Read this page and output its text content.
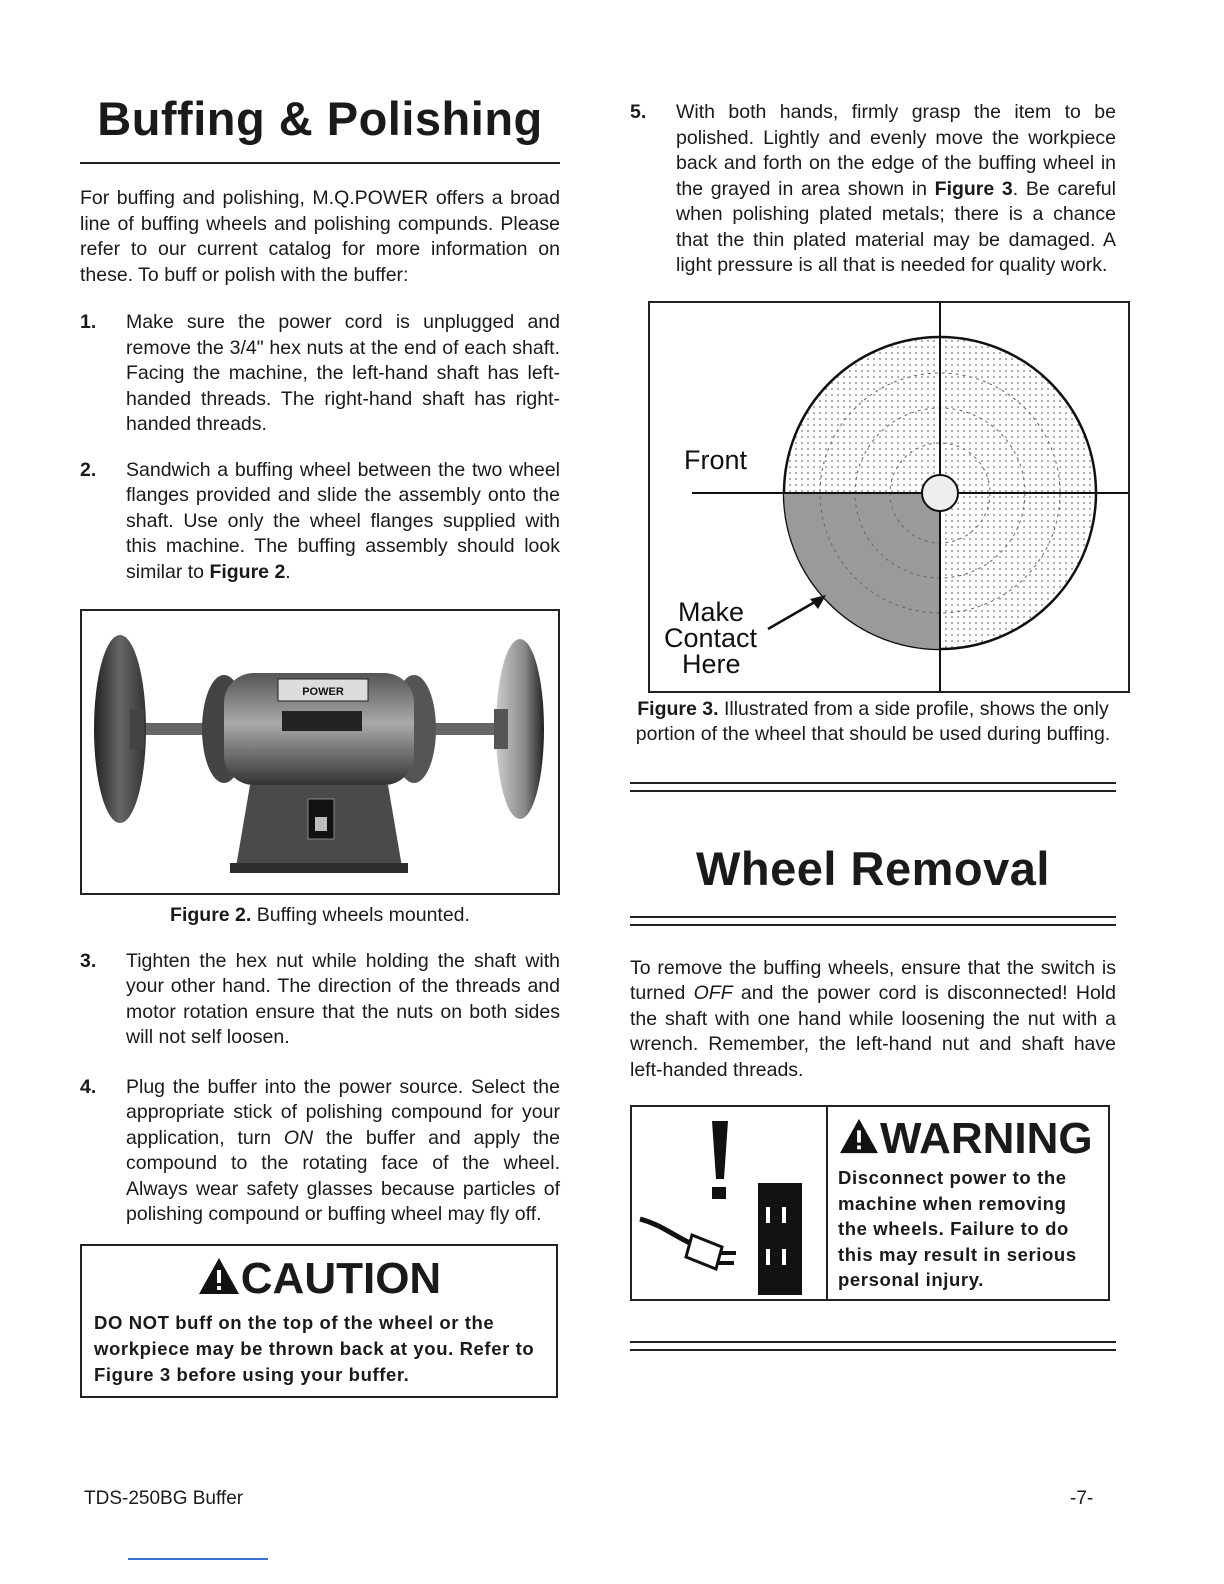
Buffing & Polishing

For buffing and polishing, M.Q.POWER offers a broad line of buffing wheels and polishing compunds. Please refer to our current catalog for more information on these. To buff or polish with the buffer:

1.	Make sure the power cord is unplugged and remove the 3/4" hex nuts at the end of each shaft. Facing the machine, the left-hand shaft has left-handed threads. The right-hand shaft has right-handed threads.
2.	Sandwich a buffing wheel between the two wheel flanges provided and slide the assembly onto the shaft. Use only the wheel flanges supplied with this machine. The buffing assembly should look similar to Figure 2.
POWER

Figure 2. Buffing wheels mounted.

3.	Tighten the hex nut while holding the shaft with your other hand. The direction of the threads and motor rotation ensure that the nuts on both sides will not self loosen.
4.	Plug the buffer into the power source. Select the appropriate stick of polishing compound for your application, turn ON the buffer and apply the compound to the rotating face of the wheel. Always wear safety glasses because particles of polishing compound or buffing wheel may fly off.
CAUTION
DO NOT buff on the top of the wheel or the workpiece may be thrown back at you. Refer to Figure 3 before using your buffer.
5.	With both hands, firmly grasp the item to be polished. Lightly and evenly move the workpiece back and forth on the edge of the buffing wheel in the grayed in area shown in Figure 3. Be careful when polishing plated metals; there is a chance that the thin plated material may be damaged. A light pressure is all that is needed for quality work.
Front
Make
Contact
Here

Figure 3. Illustrated from a side profile, shows the only portion of the wheel that should be used during buffing.

Wheel Removal

To remove the buffing wheels, ensure that the switch is turned OFF and the power cord is disconnected! Hold the shaft with one hand while loosening the nut with a wrench. Remember, the left-hand nut and shaft have left-handed threads.

WARNING
Disconnect power to the machine when removing the wheels. Failure to do this may result in serious personal injury.
TDS-250BG Buffer	-7-
